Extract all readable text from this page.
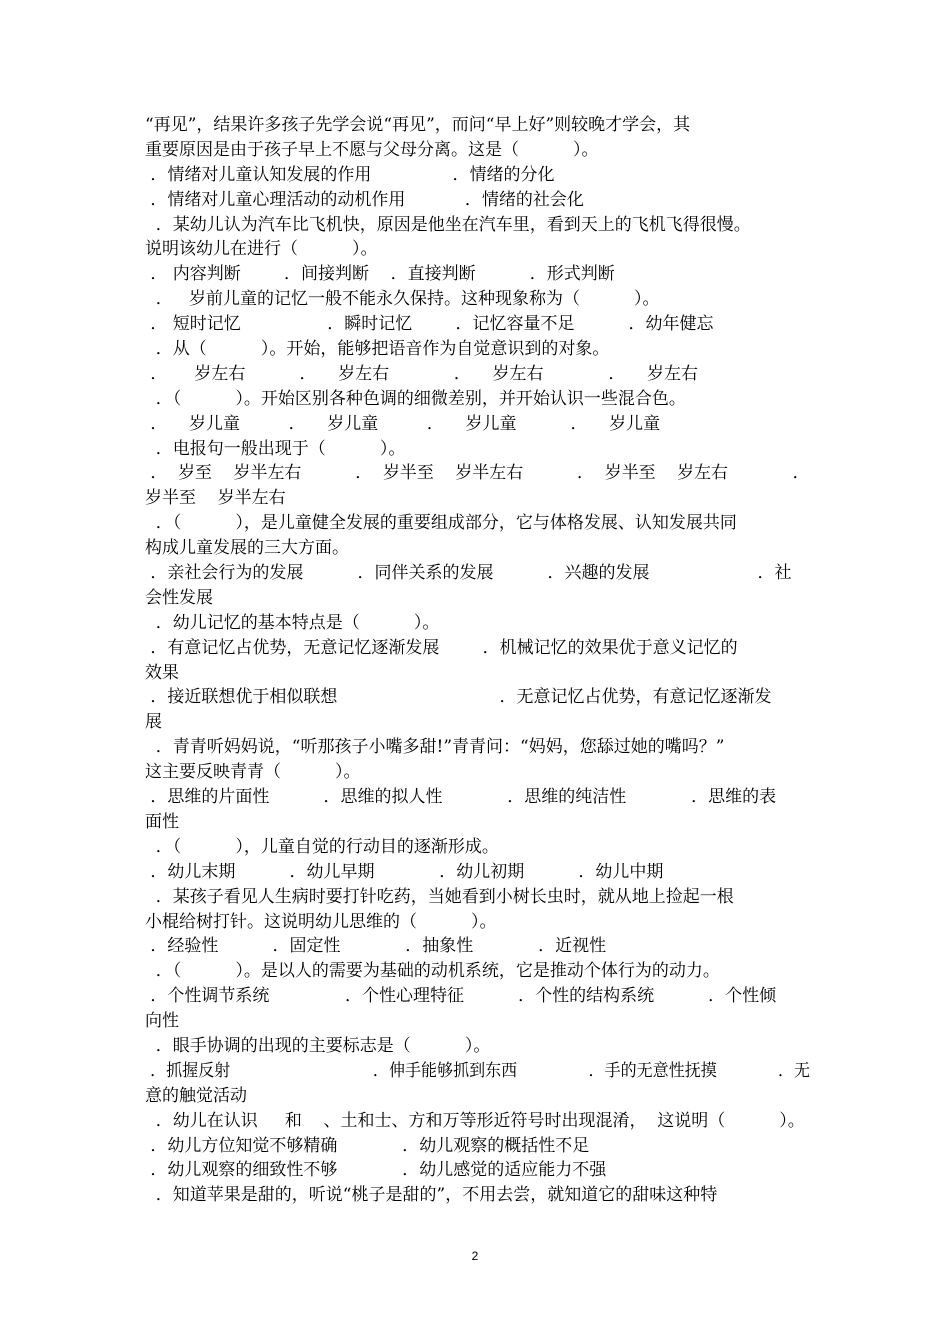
“再见”，结果许多孩子先学会说“再见”，而问“早上好”则较晚才学会，其
重要原因是由于孩子早上不愿与父母分离。这是（          ）。
．情绪对儿童认知发展的作用               ．情绪的分化
．情绪对儿童心理活动的动机作用           ．情绪的社会化
．某幼儿认为汽车比飞机快，原因是他坐在汽车里，看到天上的飞机飞得很慢。
说明该幼儿在进行（          ）。
． 内容判断        ．间接判断    ．直接判断          ．形式判断
．   岁前儿童的记忆一般不能永久保持。这种现象称为（          ）。
． 短时记忆                ．瞬时记忆        ．记忆容量不足          ．幼年健忘
．从（          ）。开始，能够把语音作为自觉意识到的对象。
．     岁左右          ．    岁左右            ．    岁左右            ．    岁左右
．（          ）。开始区别各种色调的细微差别，并开始认识一些混合色。
．    岁儿童         ．    岁儿童         ．    岁儿童          ．    岁儿童
．电报句一般出现于（          ）。
．  岁至    岁半左右          ．  岁半至    岁半左右          ．  岁半至    岁左右            ．
岁半至    岁半左右
．（          ），是儿童健全发展的重要组成部分，它与体格发展、认知发展共同
构成儿童发展的三大方面。
．亲社会行为的发展          ．同伴关系的发展          ．兴趣的发展                    ．社
会性发展
．幼儿记忆的基本特点是（          ）。
．有意记忆占优势，无意记忆逐渐发展        ．机械记忆的效果优于意义记忆的
效果
．接近联想优于相似联想                              ．无意记忆占优势，有意记忆逐渐发
展
．青青听妈妈说，“听那孩子小嘴多甜!”青青问：“妈妈，您舔过她的嘴吗？”
这主要反映青青（          ）。
．思维的片面性          ．思维的拟人性            ．思维的纯洁性            ．思维的表
面性
．（          ），儿童自觉的行动目的逐渐形成。
．幼儿末期          ．幼儿早期            ．幼儿初期          ．幼儿中期
．某孩子看见人生病时要打针吃药，当她看到小树长虫时，就从地上捡起一根
小棍给树打针。这说明幼儿思维的（          ）。
．经验性          ．固定性            ．抽象性            ．近视性
．（          ）。是以人的需要为基础的动机系统，它是推动个体行为的动力。
．个性调节系统              ．个性心理特征          ．个性的结构系统          ．个性倾
向性
．眼手协调的出现的主要标志是（          ）。
．抓握反射                            ．伸手能够抓到东西              ．手的无意性抚摸            ．无
意的触觉活动
．幼儿在认识     和    、土和士、方和万等形近符号时出现混淆，  这说明（          ）。
．幼儿方位知觉不够精确            ．幼儿观察的概括性不足
．幼儿观察的细致性不够            ．幼儿感觉的适应能力不强
．知道苹果是甜的，听说“桃子是甜的”，不用去尝，就知道它的甜味这种特
2
